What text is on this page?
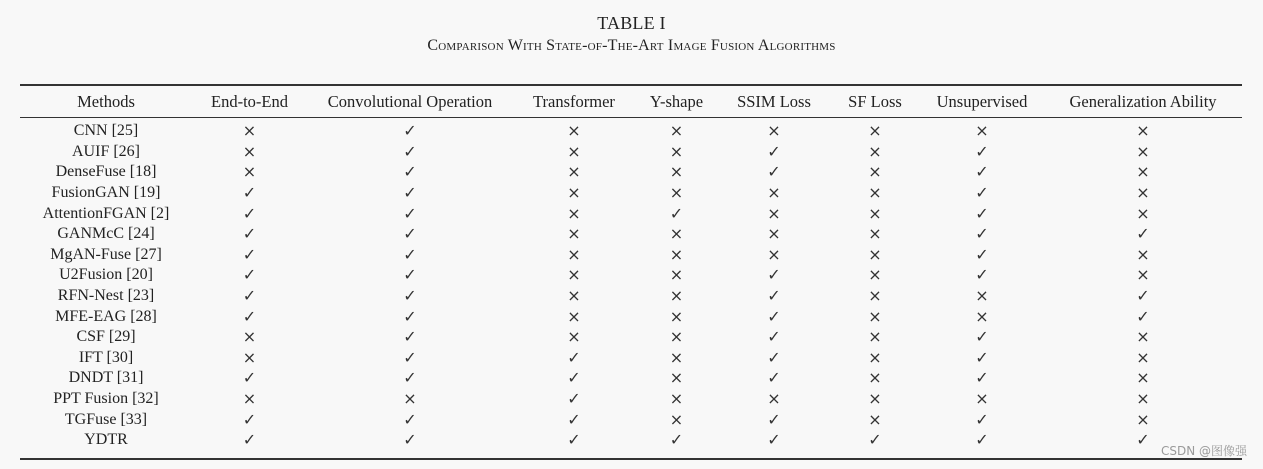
TABLE I
Comparison With State-of-The-Art Image Fusion Algorithms
Methods	End-to-End	Convolutional Operation	Transformer	Y-shape	SSIM Loss	SF Loss	Unsupervised	Generalization Ability

CNN [25]	×	✓	×	×	×	×	×	×
AUIF [26]	×	✓	×	×	✓	×	✓	×
DenseFuse [18]	×	✓	×	×	✓	×	✓	×
FusionGAN [19]	✓	✓	×	×	×	×	✓	×
AttentionFGAN [2]	✓	✓	×	✓	×	×	✓	×
GANMcC [24]	✓	✓	×	×	×	×	✓	✓
MgAN-Fuse [27]	✓	✓	×	×	×	×	✓	×
U2Fusion [20]	✓	✓	×	×	✓	×	✓	×
RFN-Nest [23]	✓	✓	×	×	✓	×	×	✓
MFE-EAG [28]	✓	✓	×	×	✓	×	×	✓
CSF [29]	×	✓	×	×	✓	×	✓	×
IFT [30]	×	✓	✓	×	✓	×	✓	×
DNDT [31]	✓	✓	✓	×	✓	×	✓	×
PPT Fusion [32]	×	×	✓	×	×	×	×	×
TGFuse [33]	✓	✓	✓	×	✓	×	✓	×
YDTR	✓	✓	✓	✓	✓	✓	✓	✓
CSDN @图像强
